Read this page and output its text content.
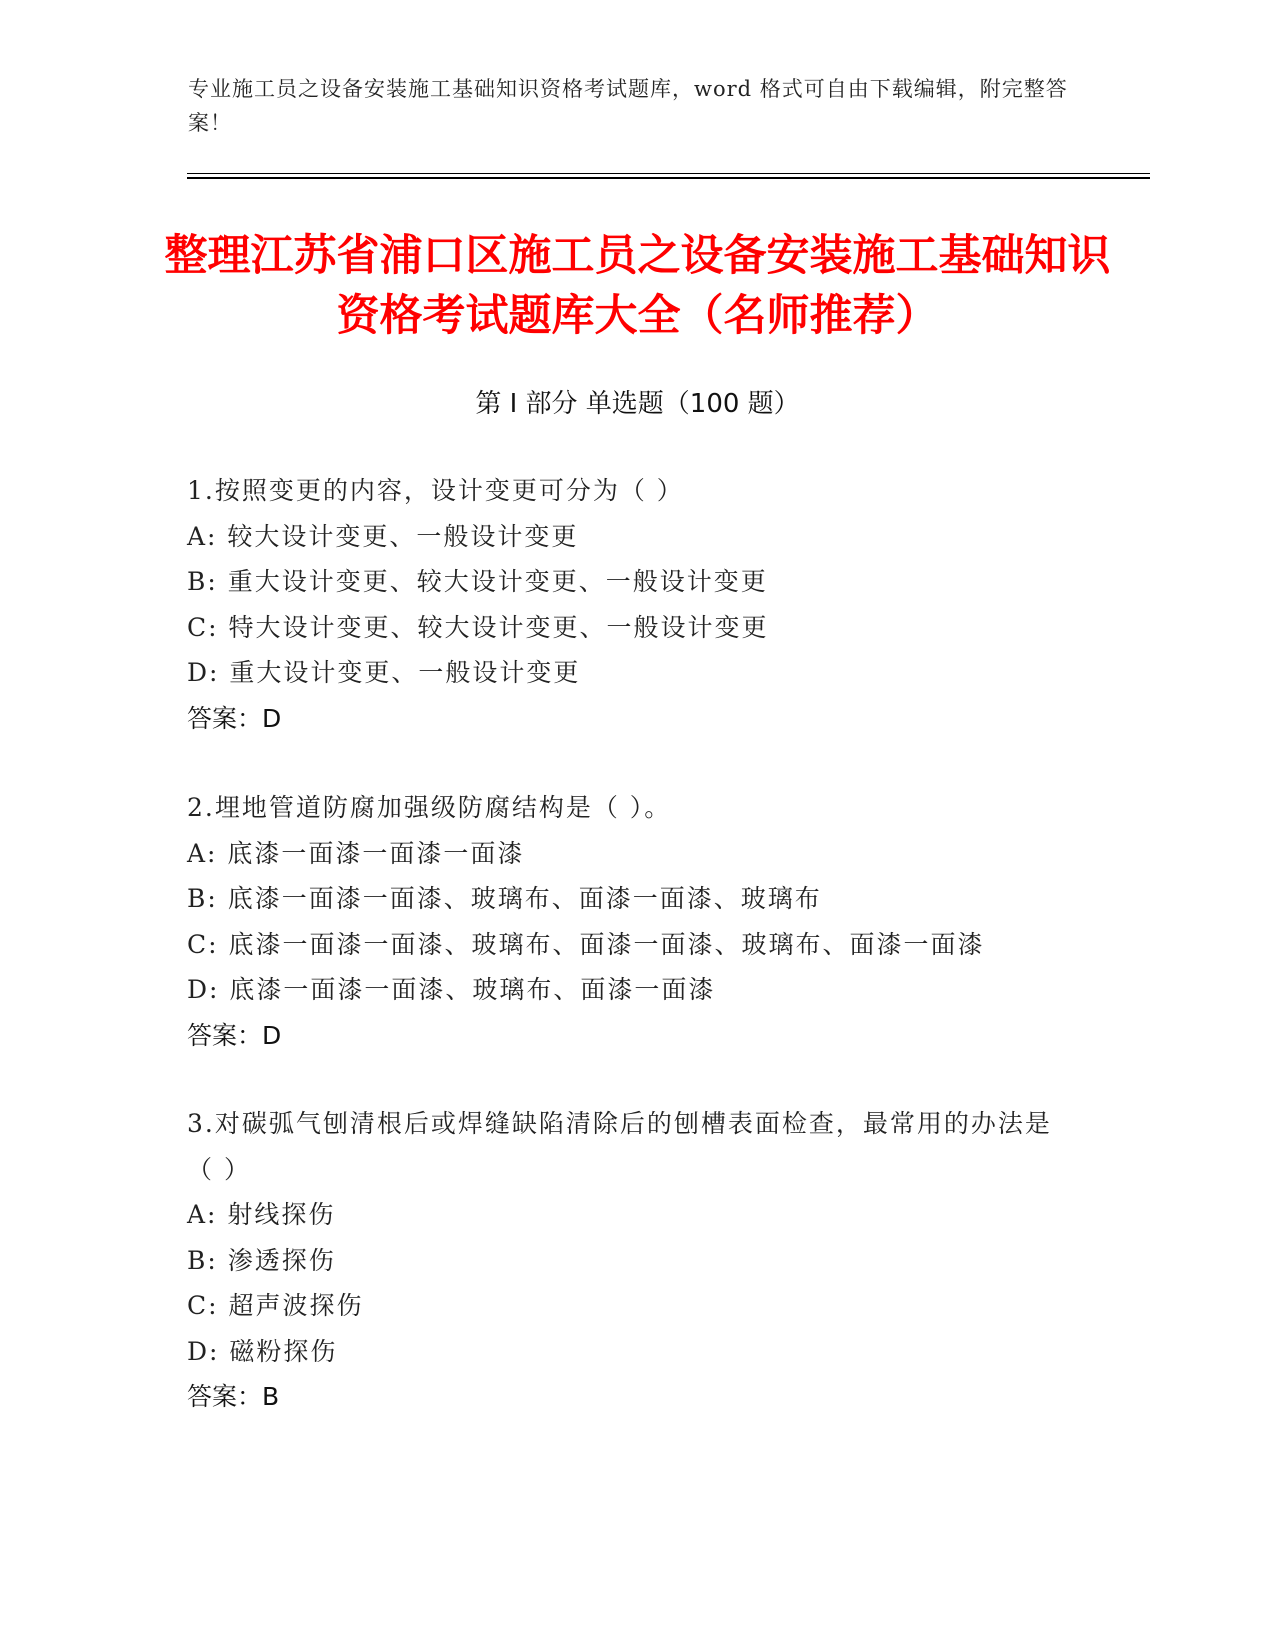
专业施工员之设备安装施工基础知识资格考试题库，word 格式可自由下载编辑，附完整答案！
整理江苏省浦口区施工员之设备安装施工基础知识资格考试题库大全（名师推荐）
第 I 部分 单选题（100 题）
1.按照变更的内容，设计变更可分为（ ）
A: 较大设计变更、一般设计变更
B: 重大设计变更、较大设计变更、一般设计变更
C: 特大设计变更、较大设计变更、一般设计变更
D: 重大设计变更、一般设计变更
答案：D
2.埋地管道防腐加强级防腐结构是（ ）。
A: 底漆一面漆一面漆一面漆
B: 底漆一面漆一面漆、玻璃布、面漆一面漆、玻璃布
C: 底漆一面漆一面漆、玻璃布、面漆一面漆、玻璃布、面漆一面漆
D: 底漆一面漆一面漆、玻璃布、面漆一面漆
答案：D
3.对碳弧气刨清根后或焊缝缺陷清除后的刨槽表面检查，最常用的办法是（ ）
A: 射线探伤
B: 渗透探伤
C: 超声波探伤
D: 磁粉探伤
答案：B
